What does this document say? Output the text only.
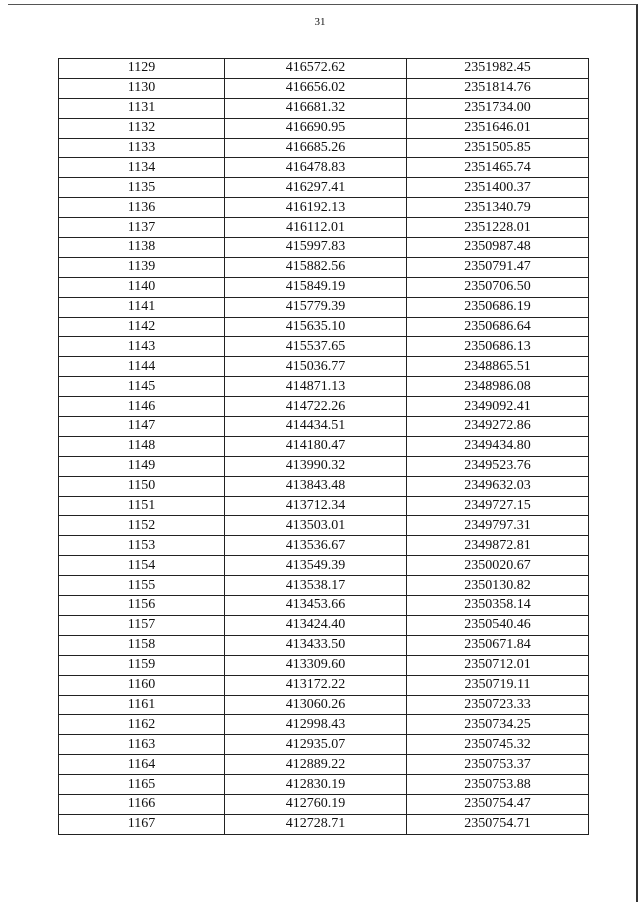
31
1129	416572.62	2351982.45
1130	416656.02	2351814.76
1131	416681.32	2351734.00
1132	416690.95	2351646.01
1133	416685.26	2351505.85
1134	416478.83	2351465.74
1135	416297.41	2351400.37
1136	416192.13	2351340.79
1137	416112.01	2351228.01
1138	415997.83	2350987.48
1139	415882.56	2350791.47
1140	415849.19	2350706.50
1141	415779.39	2350686.19
1142	415635.10	2350686.64
1143	415537.65	2350686.13
1144	415036.77	2348865.51
1145	414871.13	2348986.08
1146	414722.26	2349092.41
1147	414434.51	2349272.86
1148	414180.47	2349434.80
1149	413990.32	2349523.76
1150	413843.48	2349632.03
1151	413712.34	2349727.15
1152	413503.01	2349797.31
1153	413536.67	2349872.81
1154	413549.39	2350020.67
1155	413538.17	2350130.82
1156	413453.66	2350358.14
1157	413424.40	2350540.46
1158	413433.50	2350671.84
1159	413309.60	2350712.01
1160	413172.22	2350719.11
1161	413060.26	2350723.33
1162	412998.43	2350734.25
1163	412935.07	2350745.32
1164	412889.22	2350753.37
1165	412830.19	2350753.88
1166	412760.19	2350754.47
1167	412728.71	2350754.71
